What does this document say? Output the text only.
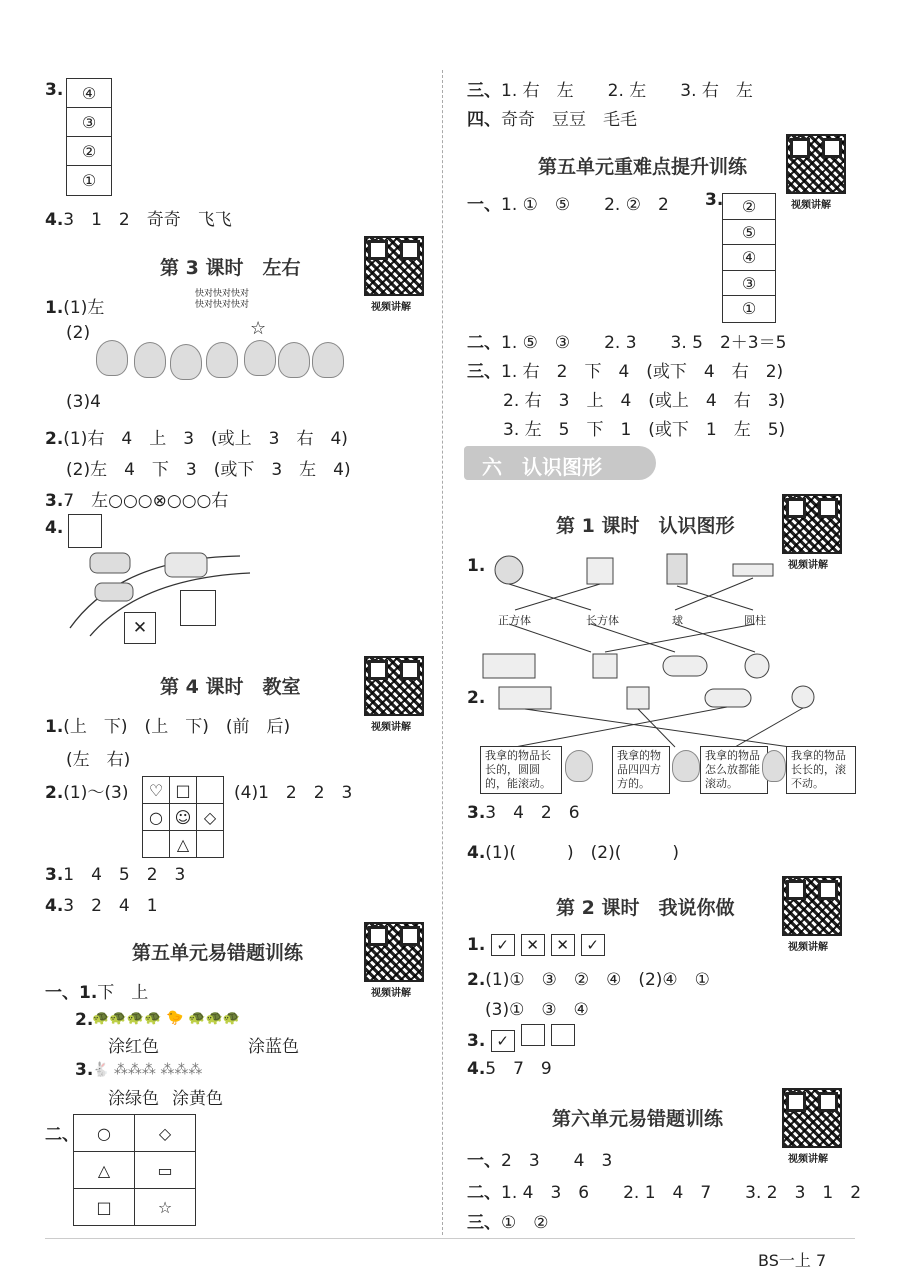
3.	④
③
②
①
4.3　1　2　奇奇　飞飞
第 3 课时　左右
快对快对快对
快对快对快对	视频讲解
1.(1)左
(2)	☆
(3)4
2.(1)右　4　上　3　(或上　3　右　4)
(2)左　4　下　3　(或下　3　左　4)
3.7　左○○○⊗○○○右
4.
✕
第 4 课时　教室
视频讲解
1.(上　下)　(上　下)　(前　后)
(左　右)
2.(1)～(3) ♡	□	
○	☺	◇
	△	
(4)1　2　2　3
3.1　4　5　2　3
4.3　2　4　1
第五单元易错题训练
视频讲解
一、1.下　上
2.
🐢🐢🐢🐢 🐤 🐢🐢🐢
涂红色	涂蓝色
3.
🐇 ⁂⁂⁂ ⁂⁂⁂
涂绿色 涂黄色
二、 ○	◇
△	▭
□	☆
三、1. 右　左　　2. 左　　3. 右　左
四、奇奇　豆豆　毛毛
第五单元重难点提升训练
视频讲解
一、1. ①　⑤　　2. ②　2 3.	②
⑤
④
③
①
二、1. ⑤　③　　2. 3　　3. 5　2＋3＝5
三、1. 右　2　下　4　(或下　4　右　2)
2. 右　3　上　4　(或上　4　右　3)
3. 左　5　下　1　(或下　1　左　5)
六　认识图形
第 1 课时　认识图形
视频讲解
1.
正方体	长方体	球	圆柱
2.
我拿的物品长长的，圆圆的，能滚动。
我拿的物品四四方方的。
我拿的物品怎么放都能滚动。
我拿的物品长长的，滚不动。
3.3　4　2　6
4.(1)(　　　)　(2)(　　　)
第 2 课时　我说你做
视频讲解
1. ✓ ✕ ✕ ✓
2.(1)①　③　②　④　(2)④　①
(3)①　③　④
3. ✓
4.5　7　9
第六单元易错题训练
视频讲解
一、2　3　　4　3
二、1. 4　3　6　　2. 1　4　7　　3. 2　3　1　2
三、①　②
BS一上 7
